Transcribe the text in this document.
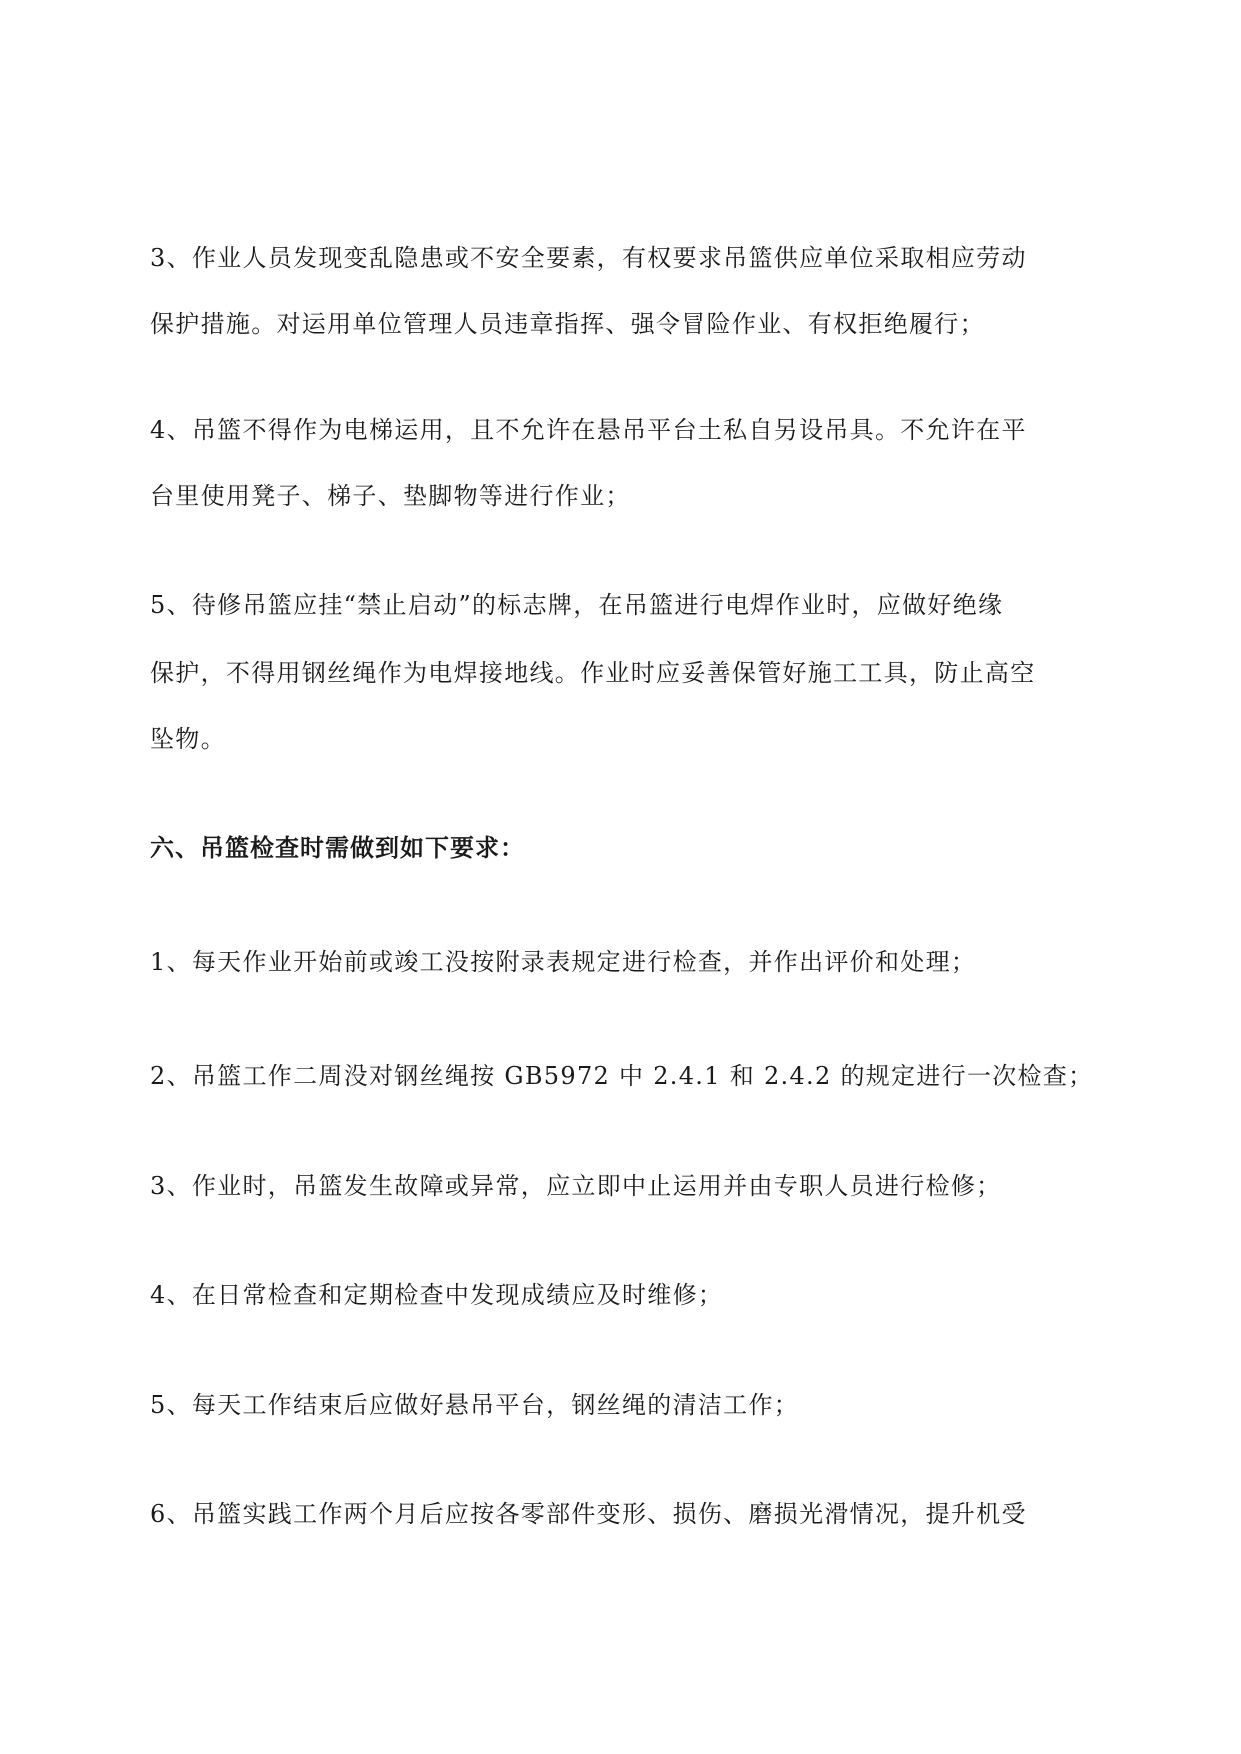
3、作业人员发现变乱隐患或不安全要素，有权要求吊篮供应单位采取相应劳动

保护措施。对运用单位管理人员违章指挥、强令冒险作业、有权拒绝履行；

4、吊篮不得作为电梯运用，且不允许在悬吊平台土私自另设吊具。不允许在平

台里使用凳子、梯子、垫脚物等进行作业；

5、待修吊篮应挂“禁止启动”的标志牌，在吊篮进行电焊作业时，应做好绝缘

保护，不得用钢丝绳作为电焊接地线。作业时应妥善保管好施工工具，防止高空

坠物。

六、吊篮检查时需做到如下要求：

1、每天作业开始前或竣工没按附录表规定进行检查，并作出评价和处理；

2、吊篮工作二周没对钢丝绳按 GB5972 中 2.4.1 和 2.4.2 的规定进行一次检查；

3、作业时，吊篮发生故障或异常，应立即中止运用并由专职人员进行检修；

4、在日常检查和定期检查中发现成绩应及时维修；

5、每天工作结束后应做好悬吊平台，钢丝绳的清洁工作；

6、吊篮实践工作两个月后应按各零部件变形、损伤、磨损光滑情况，提升机受
